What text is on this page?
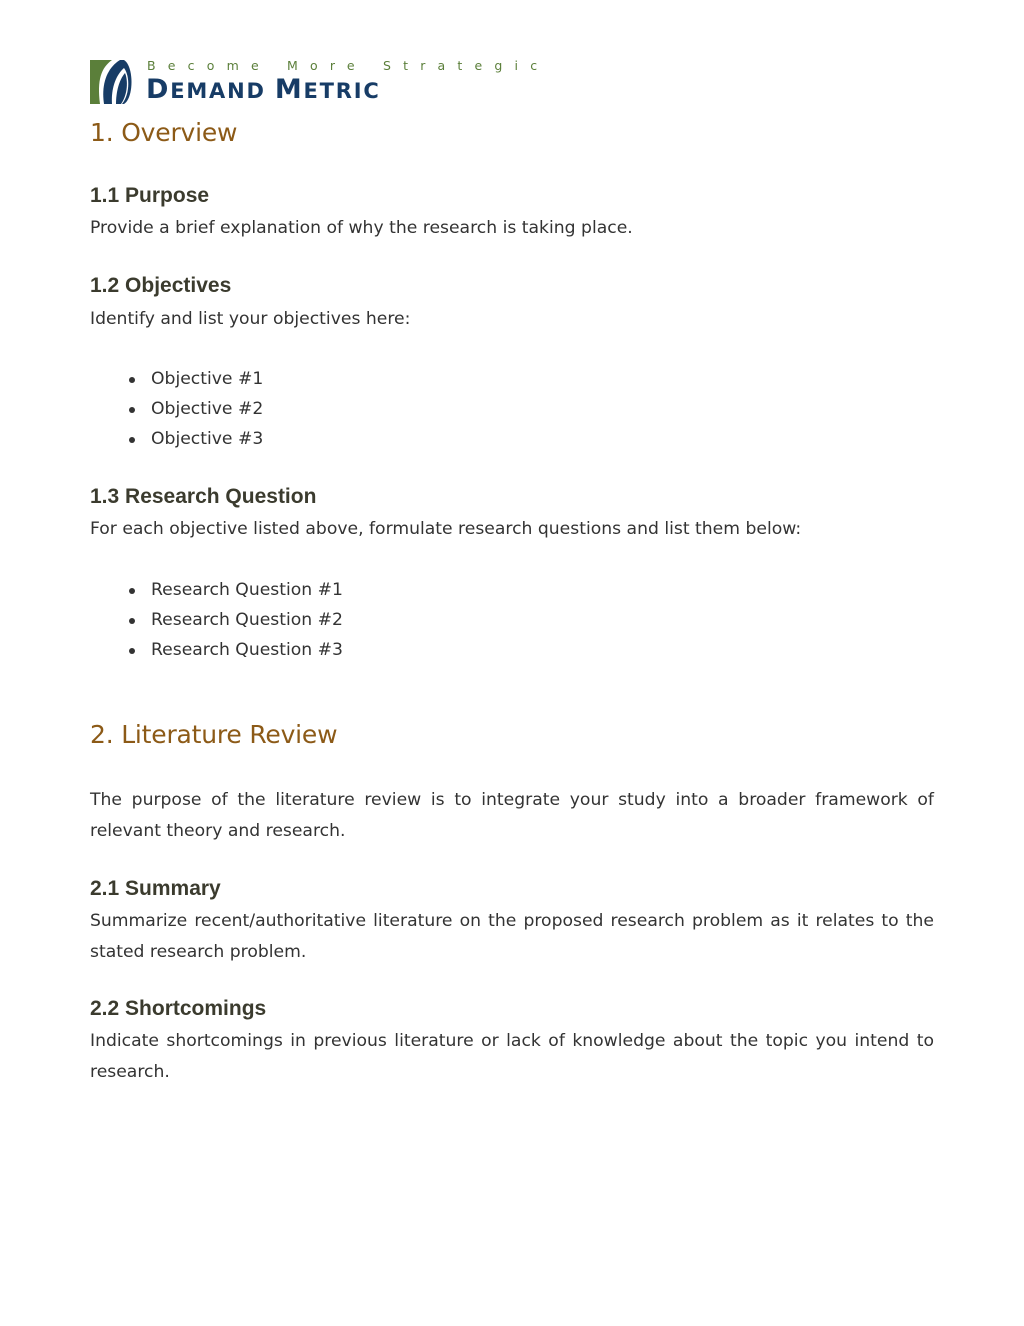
Become More Strategic
DEMAND METRIC
1. Overview
1.1 Purpose

Provide a brief explanation of why the research is taking place.

1.2 Objectives

Identify and list your objectives here:

Objective #1
Objective #2
Objective #3
1.3 Research Question

For each objective listed above, formulate research questions and list them below:

Research Question #1
Research Question #2
Research Question #3
2. Literature Review

The purpose of the literature review is to integrate your study into a broader framework of relevant theory and research.

2.1 Summary

Summarize recent/authoritative literature on the proposed research problem as it relates to the stated research problem.

2.2 Shortcomings

Indicate shortcomings in previous literature or lack of knowledge about the topic you intend to research.
